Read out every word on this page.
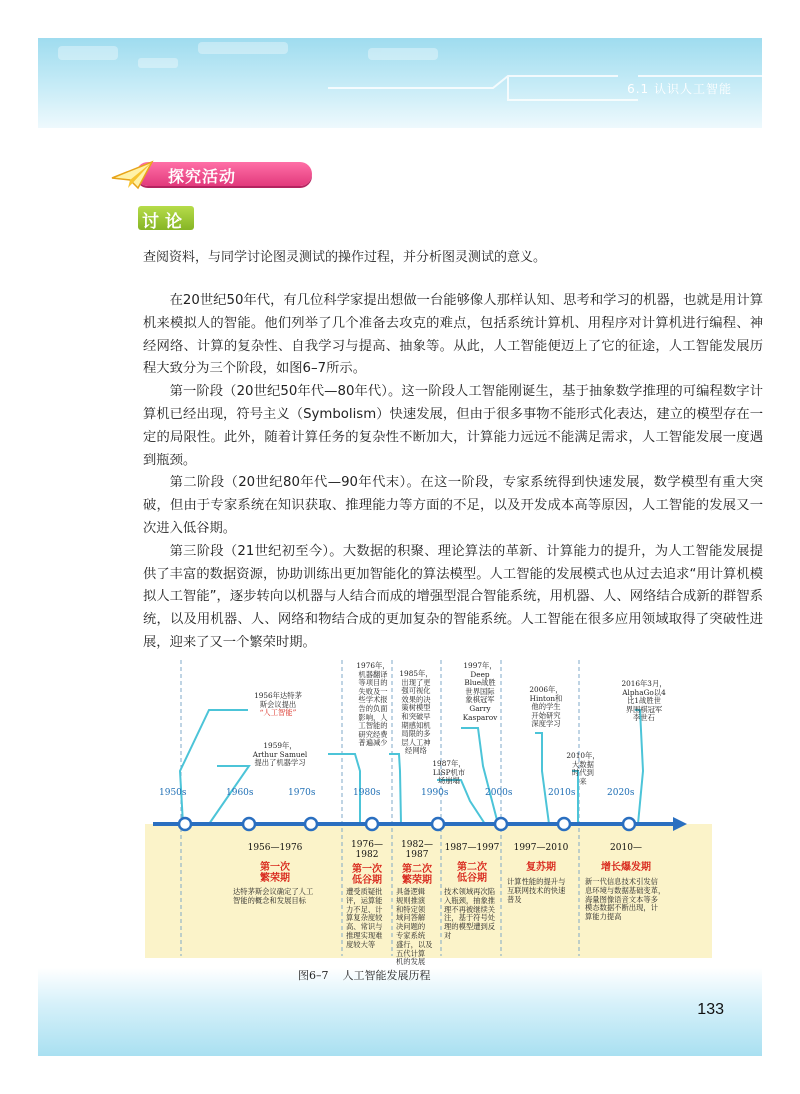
6.1 认识人工智能
探究活动
讨论
查阅资料，与同学讨论图灵测试的操作过程，并分析图灵测试的意义。

在20世纪50年代，有几位科学家提出想做一台能够像人那样认知、思考和学习的机器，也就是用计算机来模拟人的智能。他们列举了几个准备去攻克的难点，包括系统计算机、用程序对计算机进行编程、神经网络、计算的复杂性、自我学习与提高、抽象等。从此，人工智能便迈上了它的征途，人工智能发展历程大致分为三个阶段，如图6–7所示。

第一阶段（20世纪50年代—80年代）。这一阶段人工智能刚诞生，基于抽象数学推理的可编程数字计算机已经出现，符号主义（Symbolism）快速发展，但由于很多事物不能形式化表达，建立的模型存在一定的局限性。此外，随着计算任务的复杂性不断加大，计算能力远远不能满足需求，人工智能发展一度遇到瓶颈。

第二阶段（20世纪80年代—90年代末）。在这一阶段，专家系统得到快速发展，数学模型有重大突破，但由于专家系统在知识获取、推理能力等方面的不足，以及开发成本高等原因，人工智能的发展又一次进入低谷期。

第三阶段（21世纪初至今）。大数据的积聚、理论算法的革新、计算能力的提升，为人工智能发展提供了丰富的数据资源，协助训练出更加智能化的算法模型。人工智能的发展模式也从过去追求“用计算机模拟人工智能”，逐步转向以机器与人结合而成的增强型混合智能系统，用机器、人、网络结合成新的群智系统，以及用机器、人、网络和物结合成的更加复杂的智能系统。人工智能在很多应用领域取得了突破性进展，迎来了又一个繁荣时期。

1950s	1960s	1970s	1980s	1990s	2000s	2010s	2020s
1956年达特茅
斯会议提出
“人工智能”
1959年，
Arthur Samuel
提出了机器学习
1976年，
机器翻译
等项目的
失败及一
些学术报
告的负面
影响，人
工智能的
研究经费
普遍减少
1985年，
出现了更
强可视化
效果的决
策树模型
和突破早
期感知机
局限的多
层人工神
经网络
1997年，
Deep
Blue战胜
世界国际
象棋冠军
Garry
Kasparov
1987年，
LISP机市
场崩塌
2006年，
Hinton和
他的学生
开始研究
深度学习
2010年，
大数据
时代到
来
2016年3月，
AlphaGo以4
比1战胜世
界围棋冠军
李世石
1956—1976
第一次
繁荣期
达特茅斯会议确定了人工
智能的概念和发展目标
1976—
1982
第一次
低谷期
遭受质疑批
评，运算能
力不足、计
算复杂度较
高、常识与
推理实现难
度较大等
1982—
1987
第二次
繁荣期
具备逻辑
规则推演
和特定领
域问答解
决问题的
专家系统
盛行，以及
五代计算
机的发展
1987—1997
第二次
低谷期
技术领域再次陷
入瓶颈，抽象推
理不再被继续关
注，基于符号处
理的模型遭到反
对
1997—2010
复苏期
计算性能的提升与
互联网技术的快速
普及
2010—
增长爆发期
新一代信息技术引发信
息环境与数据基础变革，
海量图像语音文本等多
模态数据不断出现，计
算能力提高
图6–7 人工智能发展历程
133
